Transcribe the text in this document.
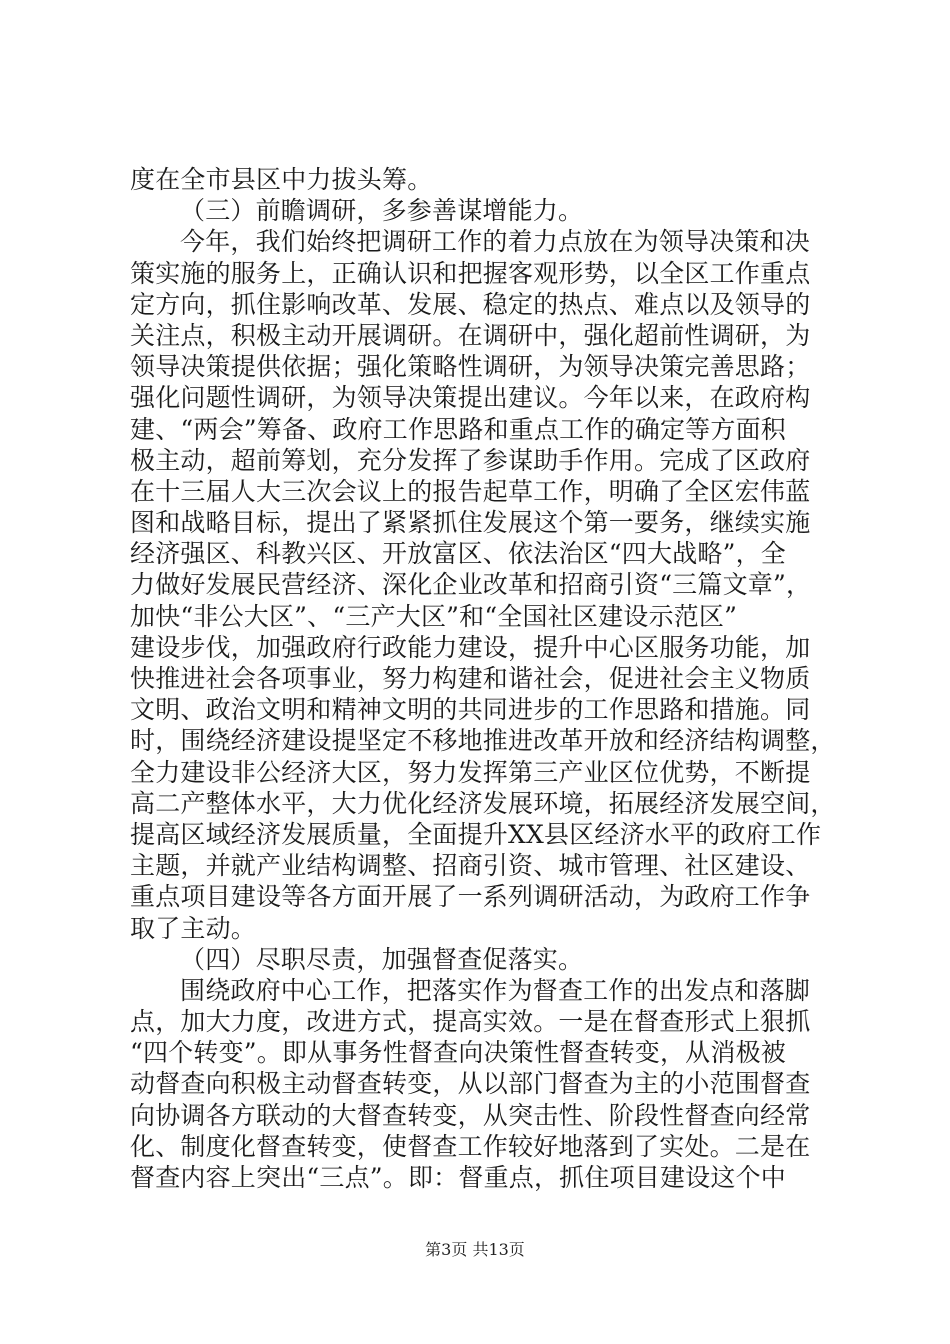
度在全市县区中力拔头筹。
（三）前瞻调研，多参善谋增能力。
今年，我们始终把调研工作的着力点放在为领导决策和决
策实施的服务上，正确认识和把握客观形势，以全区工作重点
定方向，抓住影响改革、发展、稳定的热点、难点以及领导的
关注点，积极主动开展调研。在调研中，强化超前性调研，为
领导决策提供依据；强化策略性调研，为领导决策完善思路；
强化问题性调研，为领导决策提出建议。今年以来，在政府构
建、“两会”筹备、政府工作思路和重点工作的确定等方面积
极主动，超前筹划，充分发挥了参谋助手作用。完成了区政府
在十三届人大三次会议上的报告起草工作，明确了全区宏伟蓝
图和战略目标，提出了紧紧抓住发展这个第一要务，继续实施
经济强区、科教兴区、开放富区、依法治区“四大战略”，全
力做好发展民营经济、深化企业改革和招商引资“三篇文章”，
加快“非公大区”、“三产大区”和“全国社区建设示范区”
建设步伐，加强政府行政能力建设，提升中心区服务功能，加
快推进社会各项事业，努力构建和谐社会，促进社会主义物质
文明、政治文明和精神文明的共同进步的工作思路和措施。同
时，围绕经济建设提坚定不移地推进改革开放和经济结构调整，
全力建设非公经济大区，努力发挥第三产业区位优势，不断提
高二产整体水平，大力优化经济发展环境，拓展经济发展空间，
提高区域经济发展质量，全面提升XX县区经济水平的政府工作
主题，并就产业结构调整、招商引资、城市管理、社区建设、
重点项目建设等各方面开展了一系列调研活动，为政府工作争
取了主动。
（四）尽职尽责，加强督查促落实。
围绕政府中心工作，把落实作为督查工作的出发点和落脚
点，加大力度，改进方式，提高实效。一是在督查形式上狠抓
“四个转变”。即从事务性督查向决策性督查转变，从消极被
动督查向积极主动督查转变，从以部门督查为主的小范围督查
向协调各方联动的大督查转变，从突击性、阶段性督查向经常
化、制度化督查转变，使督查工作较好地落到了实处。二是在
督查内容上突出“三点”。即：督重点，抓住项目建设这个中
第3页 共13页
